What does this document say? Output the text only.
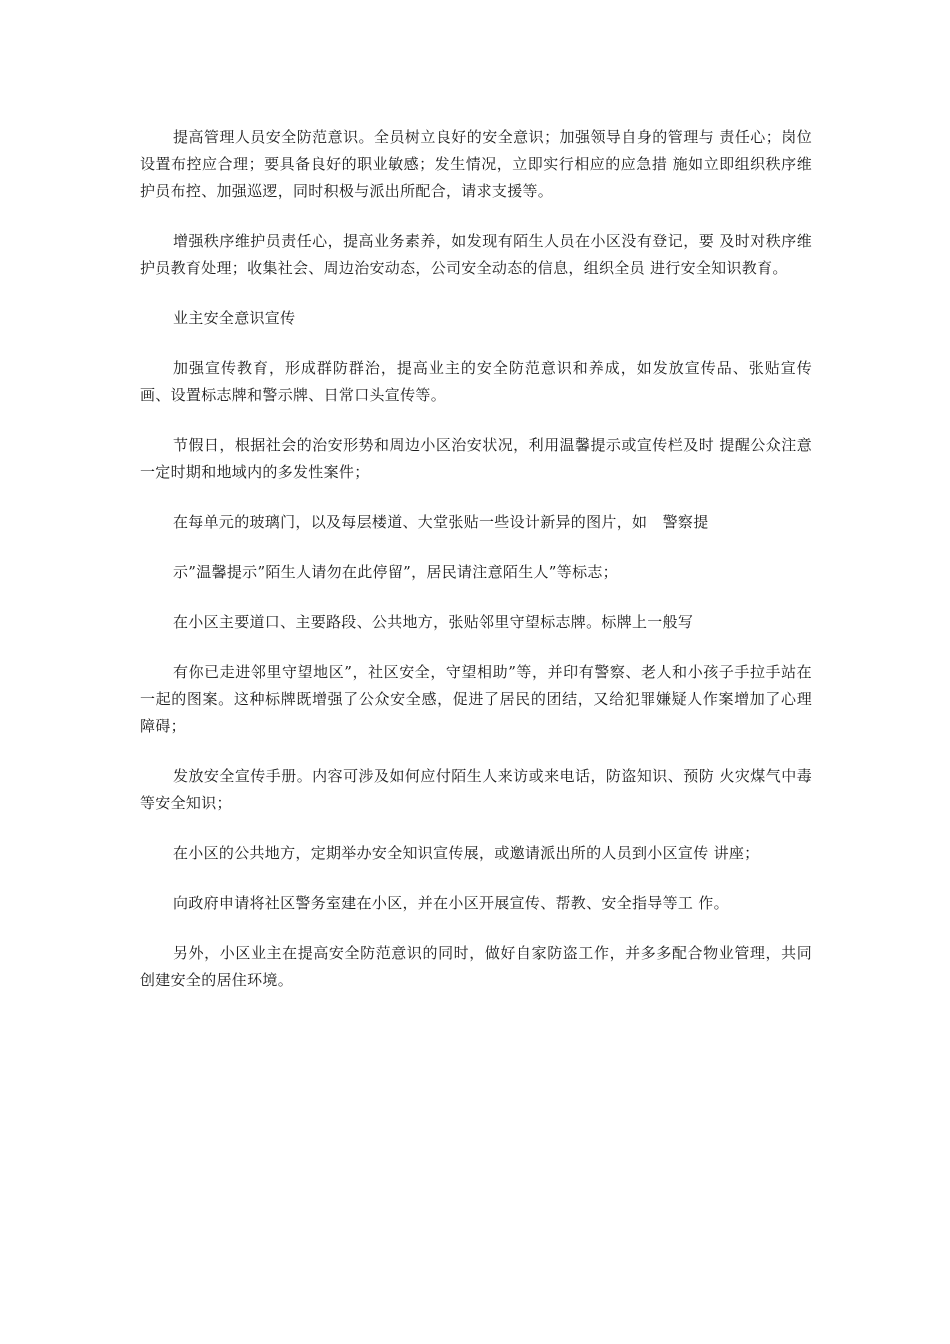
提高管理人员安全防范意识。全员树立良好的安全意识；加强领导自身的管理与 责任心；岗位设置布控应合理；要具备良好的职业敏感；发生情况，立即实行相应的应急措 施如立即组织秩序维护员布控、加强巡逻，同时积极与派出所配合，请求支援等。

增强秩序维护员责任心，提高业务素养，如发现有陌生人员在小区没有登记，要 及时对秩序维护员教育处理；收集社会、周边治安动态，公司安全动态的信息，组织全员 进行安全知识教育。

业主安全意识宣传

加强宣传教育，形成群防群治，提高业主的安全防范意识和养成，如发放宣传品、张贴宣传画、设置标志牌和警示牌、日常口头宣传等。

节假日，根据社会的治安形势和周边小区治安状况，利用温馨提示或宣传栏及时 提醒公众注意一定时期和地域内的多发性案件；

在每单元的玻璃门，以及每层楼道、大堂张贴一些设计新异的图片，如　警察提

示”温馨提示”陌生人请勿在此停留”，居民请注意陌生人”等标志；

在小区主要道口、主要路段、公共地方，张贴邻里守望标志牌。标牌上一般写

有你已走进邻里守望地区”，社区安全，守望相助”等，并印有警察、老人和小孩子手拉手站在一起的图案。这种标牌既增强了公众安全感，促进了居民的团结，又给犯罪嫌疑人作案增加了心理障碍；

发放安全宣传手册。内容可涉及如何应付陌生人来访或来电话，防盗知识、预防 火灾煤气中毒等安全知识；

在小区的公共地方，定期举办安全知识宣传展，或邀请派出所的人员到小区宣传 讲座；

向政府申请将社区警务室建在小区，并在小区开展宣传、帮教、安全指导等工 作。

另外，小区业主在提高安全防范意识的同时，做好自家防盗工作，并多多配合物业管理，共同创建安全的居住环境。
